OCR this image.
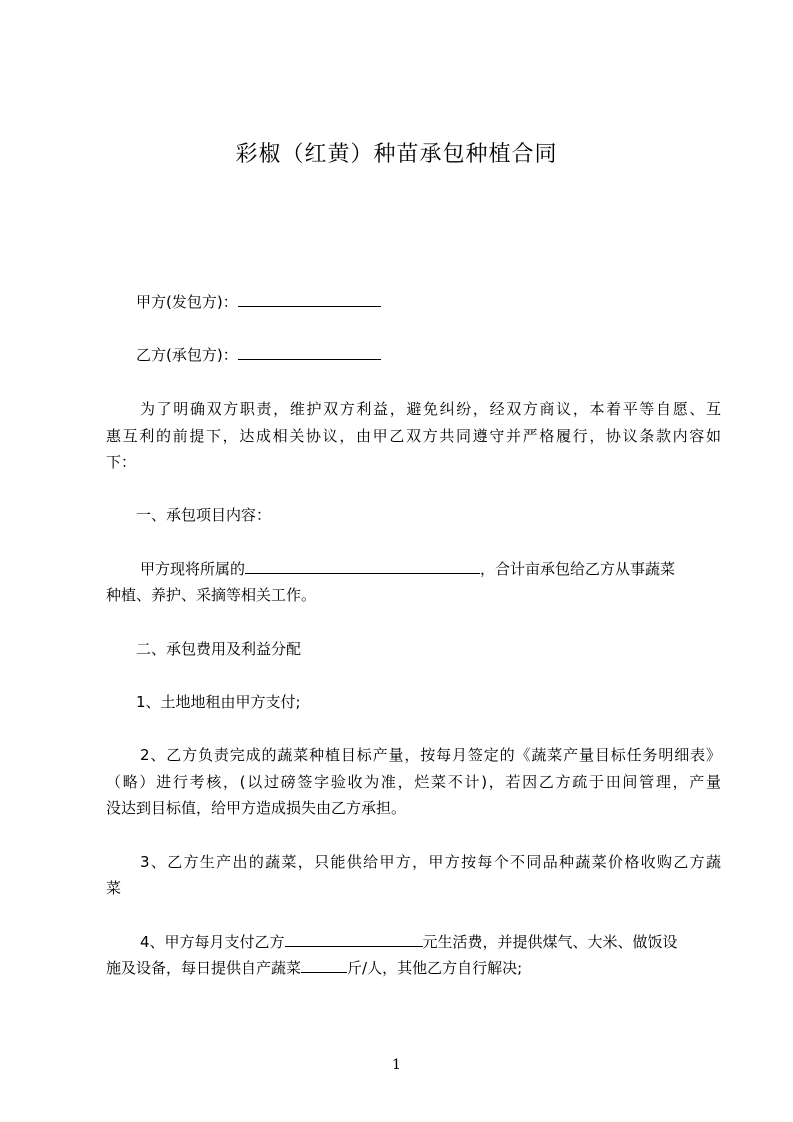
彩椒（红黄）种苗承包种植合同
甲方(发包方)：
乙方(承包方)：
为了明确双方职责，维护双方利益，避免纠纷，经双方商议，本着平等自愿、互
惠互利的前提下，达成相关协议，由甲乙双方共同遵守并严格履行，协议条款内容如
下：
一、承包项目内容：
甲方现将所属的	，合计亩承包给乙方从事蔬菜
种植、养护、采摘等相关工作。
二、承包费用及利益分配
1、土地地租由甲方支付;
2、乙方负责完成的蔬菜种植目标产量，按每月签定的《蔬菜产量目标任务明细表》
（略）进行考核，(以过磅签字验收为准，烂菜不计)，若因乙方疏于田间管理，产量
没达到目标值，给甲方造成损失由乙方承担。
3、乙方生产出的蔬菜，只能供给甲方，甲方按每个不同品种蔬菜价格收购乙方蔬
菜
4、甲方每月支付乙方	元生活费，并提供煤气、大米、做饭设
施及设备，每日提供自产蔬菜	斤/人，其他乙方自行解决;
1
